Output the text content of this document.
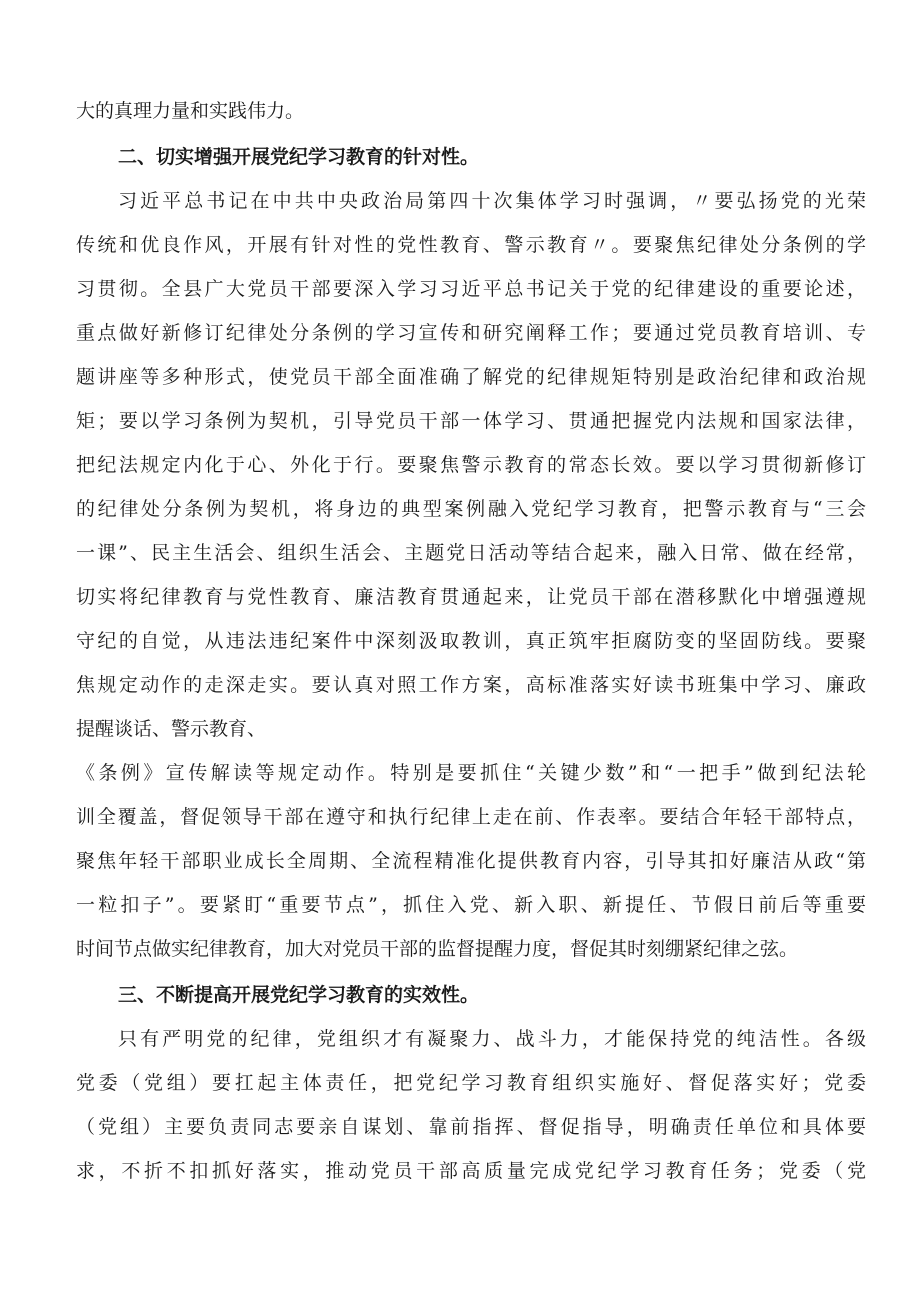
大的真理力量和实践伟力。
二、切实增强开展党纪学习教育的针对性。
习近平总书记在中共中央政治局第四十次集体学习时强调，〃要弘扬党的光荣
传统和优良作风，开展有针对性的党性教育、警示教育〃。要聚焦纪律处分条例的学
习贯彻。全县广大党员干部要深入学习习近平总书记关于党的纪律建设的重要论述，
重点做好新修订纪律处分条例的学习宣传和研究阐释工作；要通过党员教育培训、专
题讲座等多种形式，使党员干部全面准确了解党的纪律规矩特别是政治纪律和政治规
矩；要以学习条例为契机，引导党员干部一体学习、贯通把握党内法规和国家法律，
把纪法规定内化于心、外化于行。要聚焦警示教育的常态长效。要以学习贯彻新修订
的纪律处分条例为契机，将身边的典型案例融入党纪学习教育，把警示教育与“三会
一课”、民主生活会、组织生活会、主题党日活动等结合起来，融入日常、做在经常，
切实将纪律教育与党性教育、廉洁教育贯通起来，让党员干部在潜移默化中增强遵规
守纪的自觉，从违法违纪案件中深刻汲取教训，真正筑牢拒腐防变的坚固防线。要聚
焦规定动作的走深走实。要认真对照工作方案，高标准落实好读书班集中学习、廉政
提醒谈话、警示教育、
《条例》宣传解读等规定动作。特别是要抓住“关键少数”和“一把手”做到纪法轮
训全覆盖，督促领导干部在遵守和执行纪律上走在前、作表率。要结合年轻干部特点，
聚焦年轻干部职业成长全周期、全流程精准化提供教育内容，引导其扣好廉洁从政“第
一粒扣子”。要紧盯“重要节点”，抓住入党、新入职、新提任、节假日前后等重要
时间节点做实纪律教育，加大对党员干部的监督提醒力度，督促其时刻绷紧纪律之弦。
三、不断提高开展党纪学习教育的实效性。
只有严明党的纪律，党组织才有凝聚力、战斗力，才能保持党的纯洁性。各级
党委（党组）要扛起主体责任，把党纪学习教育组织实施好、督促落实好；党委
（党组）主要负责同志要亲自谋划、靠前指挥、督促指导，明确责任单位和具体要
求，不折不扣抓好落实，推动党员干部高质量完成党纪学习教育任务；党委（党
